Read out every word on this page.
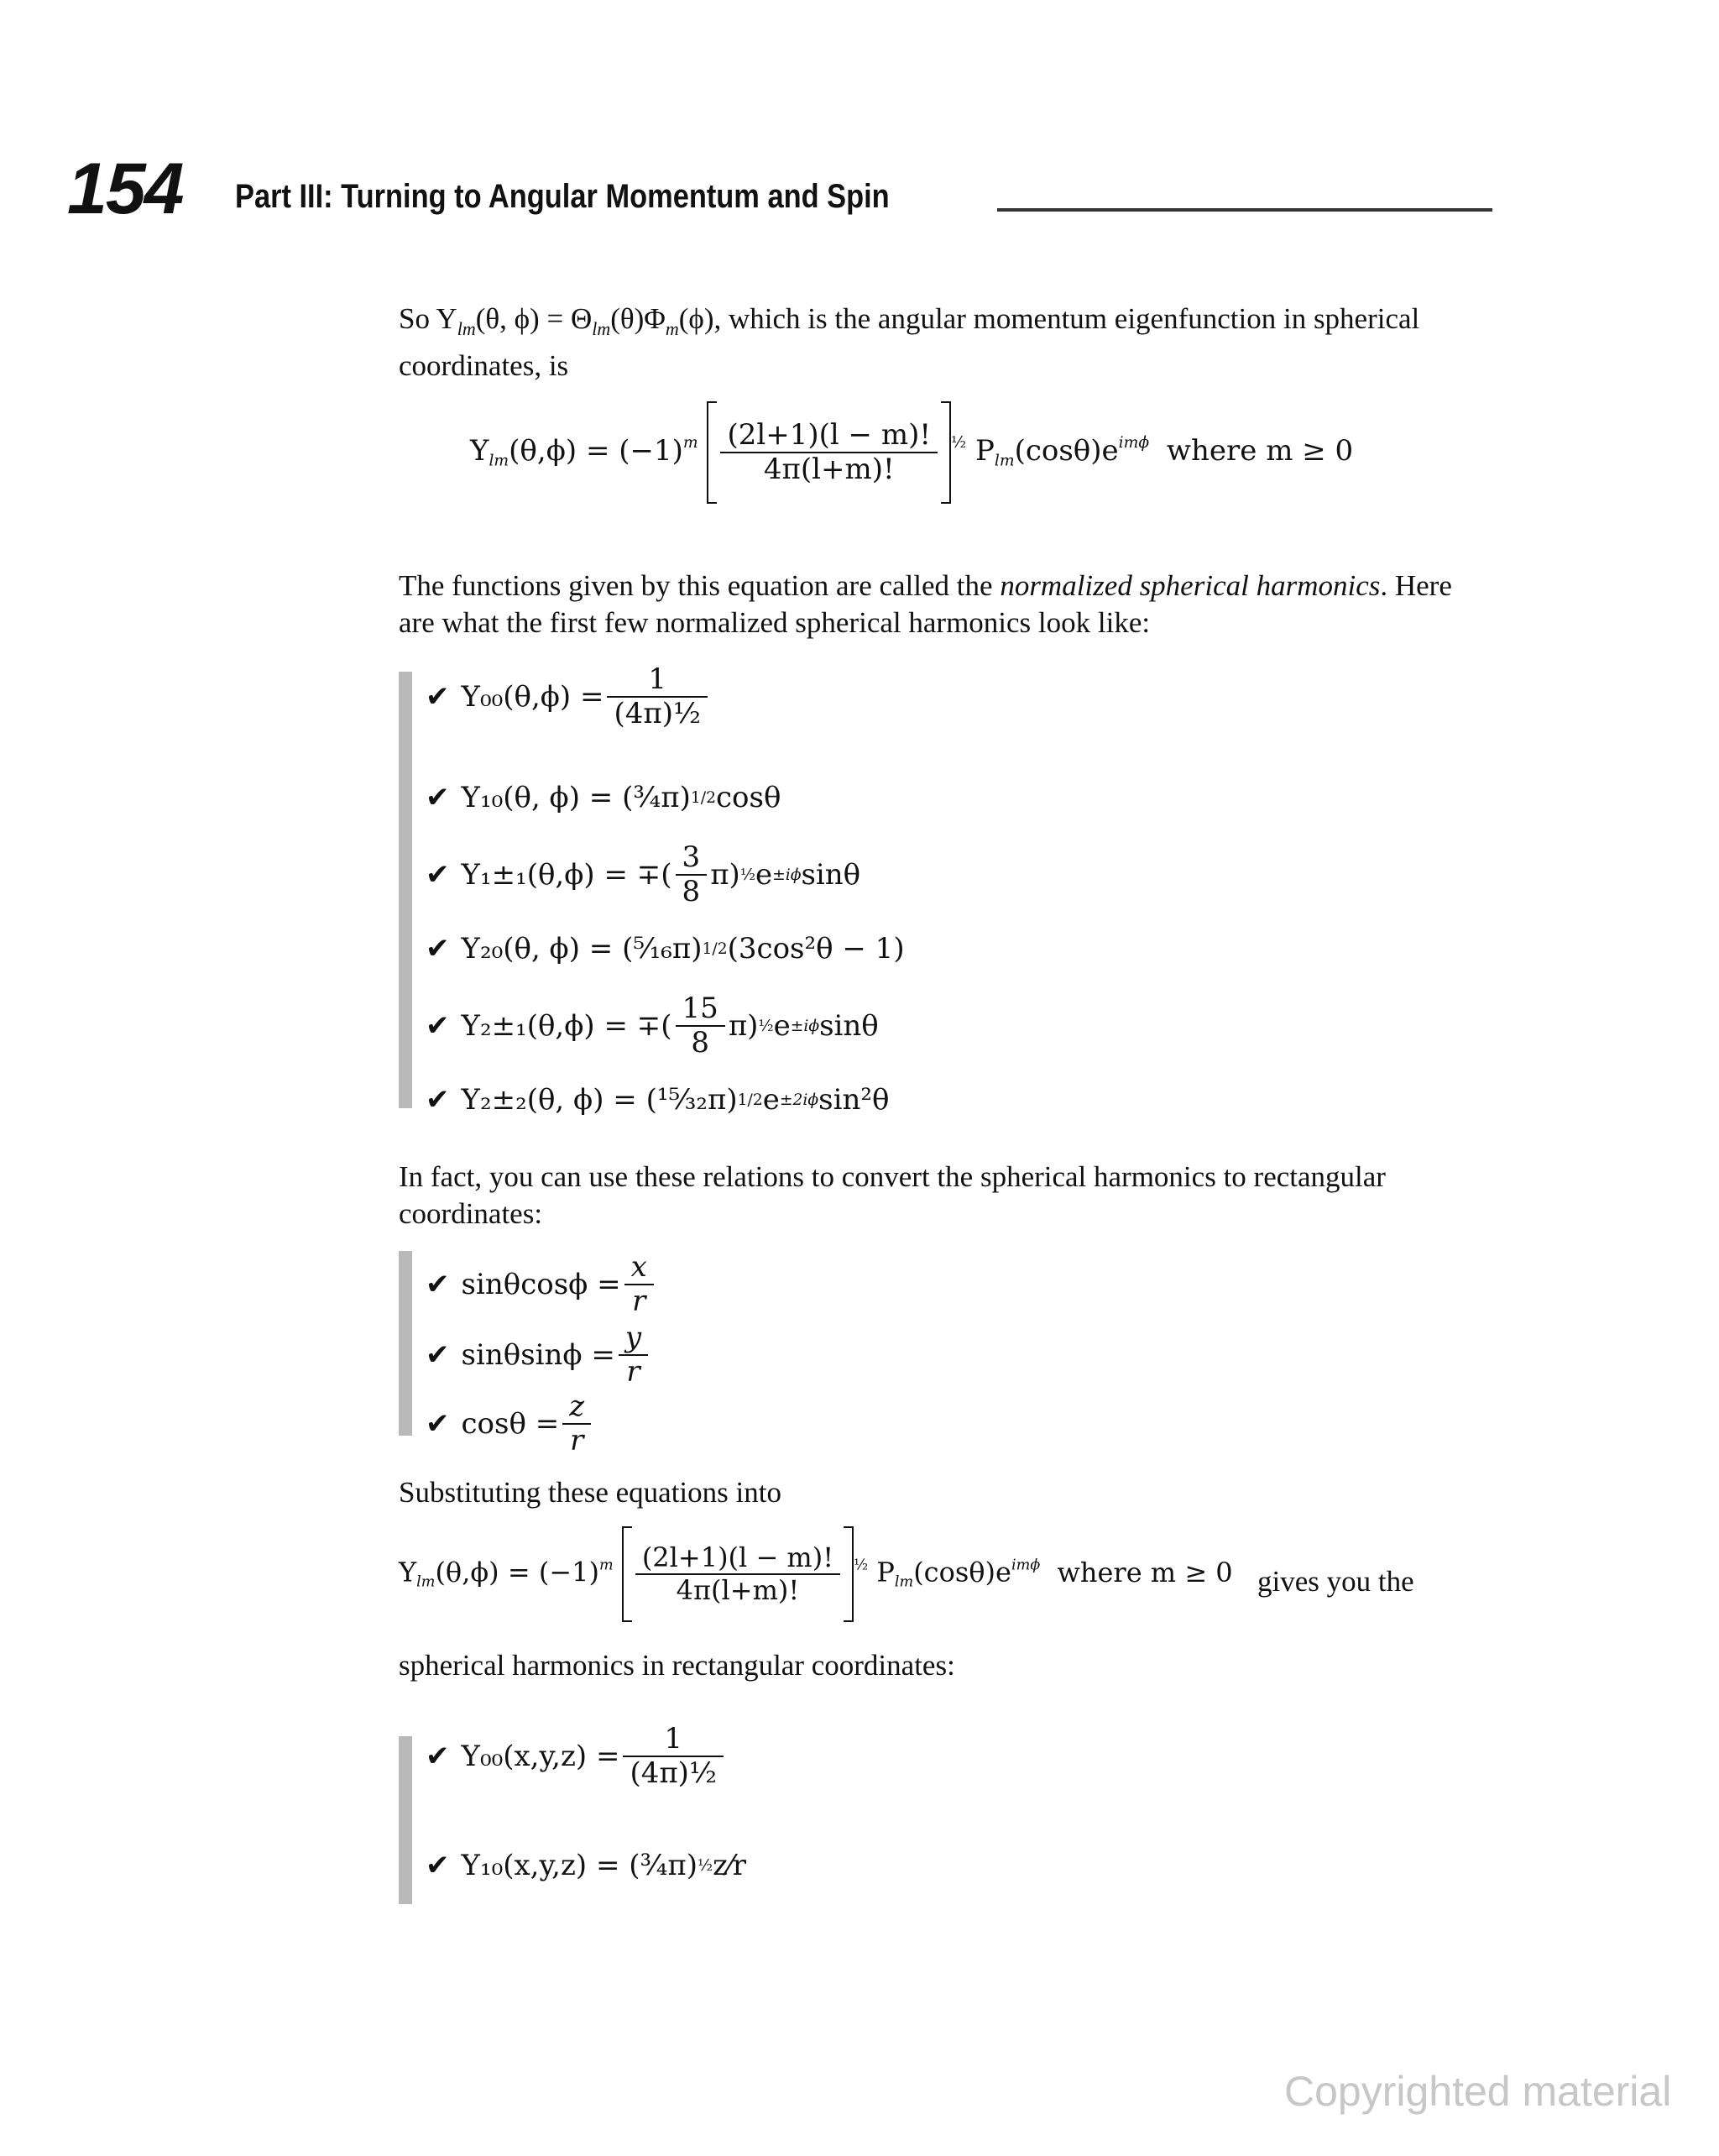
154 Part III: Turning to Angular Momentum and Spin
So $Y_{lm}(\theta$, $\phi) = \Theta_{lm}(\theta)\Phi_m(\phi)$, which is the angular momentum eigenfunction in spherical coordinates, is
$Y_{lm}(\theta,\phi) = (-1)^m \frac{(2l+1)(l - m)!}{4\pi(l+m)!} ^{\frac{1}{2}}$ $P_{lm}(\cos\theta)e^{im\phi}$ where m ≥ 0
The functions given by this equation are called the normalized spherical harmonics. Here are what the first few normalized spherical harmonics look like:
✔ $Y_{00}(\theta,\phi) = \frac{1}{\text{(4π)½}}$
✔ Y₁₀(θ, ϕ) = (³⁄₄π) 1/2 cosθ
✔ Y₁±₁(θ,ϕ) = ∓( $\frac{3}{8} \pi$) ½ e ±iϕ sinθ
✔ Y₂₀(θ, ϕ) = (⁵⁄₁₆π) 1/2 (3cos²θ − 1)
✔ Y₂±₁(θ,ϕ) = ∓( $\frac{15}{8} \pi$) ½ e ±iϕ sinθ
✔ Y₂±₂(θ, ϕ) = (¹⁵⁄₃₂π) 1/2 e ±2iϕ sin²θ
In fact, you can use these relations to convert the spherical harmonics to rectangular coordinates:
✔ $\sin\theta\cos\phi = \frac{x}{r}$
✔ $\sin\theta\sin\phi = \frac{y}{r}$
✔ $\cos\theta = \frac{z}{r}$
Substituting these equations into
$Y_{lm}(\theta,\phi) = (-1)^m \frac{(2l+1)(l - m)!}{4\pi(l+m)!} ^{\frac{1}{2}}$ $P_{lm}(\cos\theta)e^{im\phi}$ where m ≥ 0 gives you the
spherical harmonics in rectangular coordinates:
✔ $Y_{00}(x,y,z) = \frac{1}{\text{(4π)½}}$
✔ Y₁₀(x,y,z) = (³⁄₄π) ½ z⁄r
Copyrighted material
